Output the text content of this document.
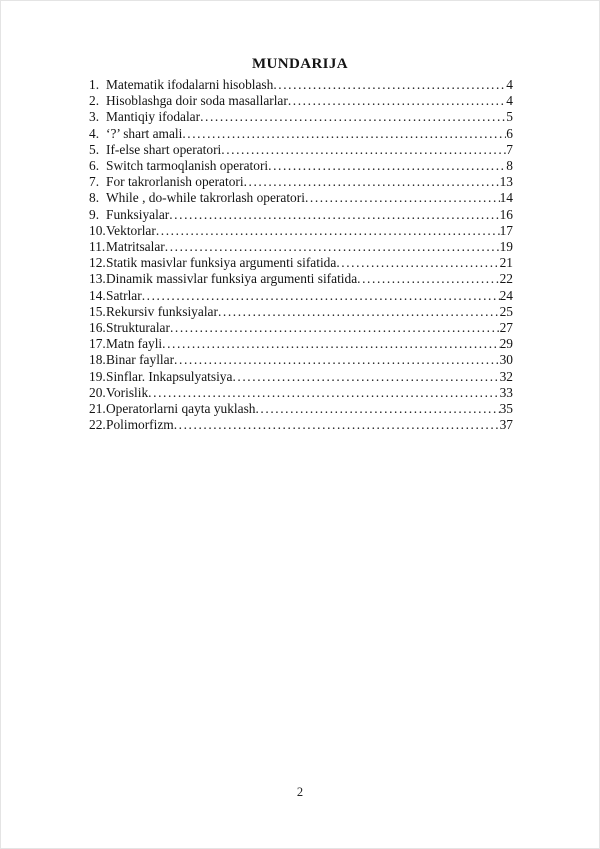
MUNDARIJA
1. Matematik ifodalarni hisoblash .....	4
2. Hisoblashga doir soda masallarlar .....	4
3. Mantiqiy ifodalar .....	5
4. ‘?’ shart amali .....	6
5. If-else shart operatori .....	7
6. Switch tarmoqlanish operatori .....	8
7. For takrorlanish operatori .....	13
8. While , do-while takrorlash operatori .....	14
9. Funksiyalar .....	16
10. Vektorlar .....	17
11. Matritsalar .....	19
12. Statik masivlar funksiya argumenti sifatida .....	21
13. Dinamik massivlar funksiya argumenti sifatida .....	22
14. Satrlar .....	24
15. Rekursiv funksiyalar .....	25
16. Strukturalar .....	27
17. Matn fayli .....	29
18. Binar fayllar .....	30
19. Sinflar. Inkapsulyatsiya .....	32
20. Vorislik .....	33
21. Operatorlarni qayta yuklash .....	35
22. Polimorfizm .....	37
2
